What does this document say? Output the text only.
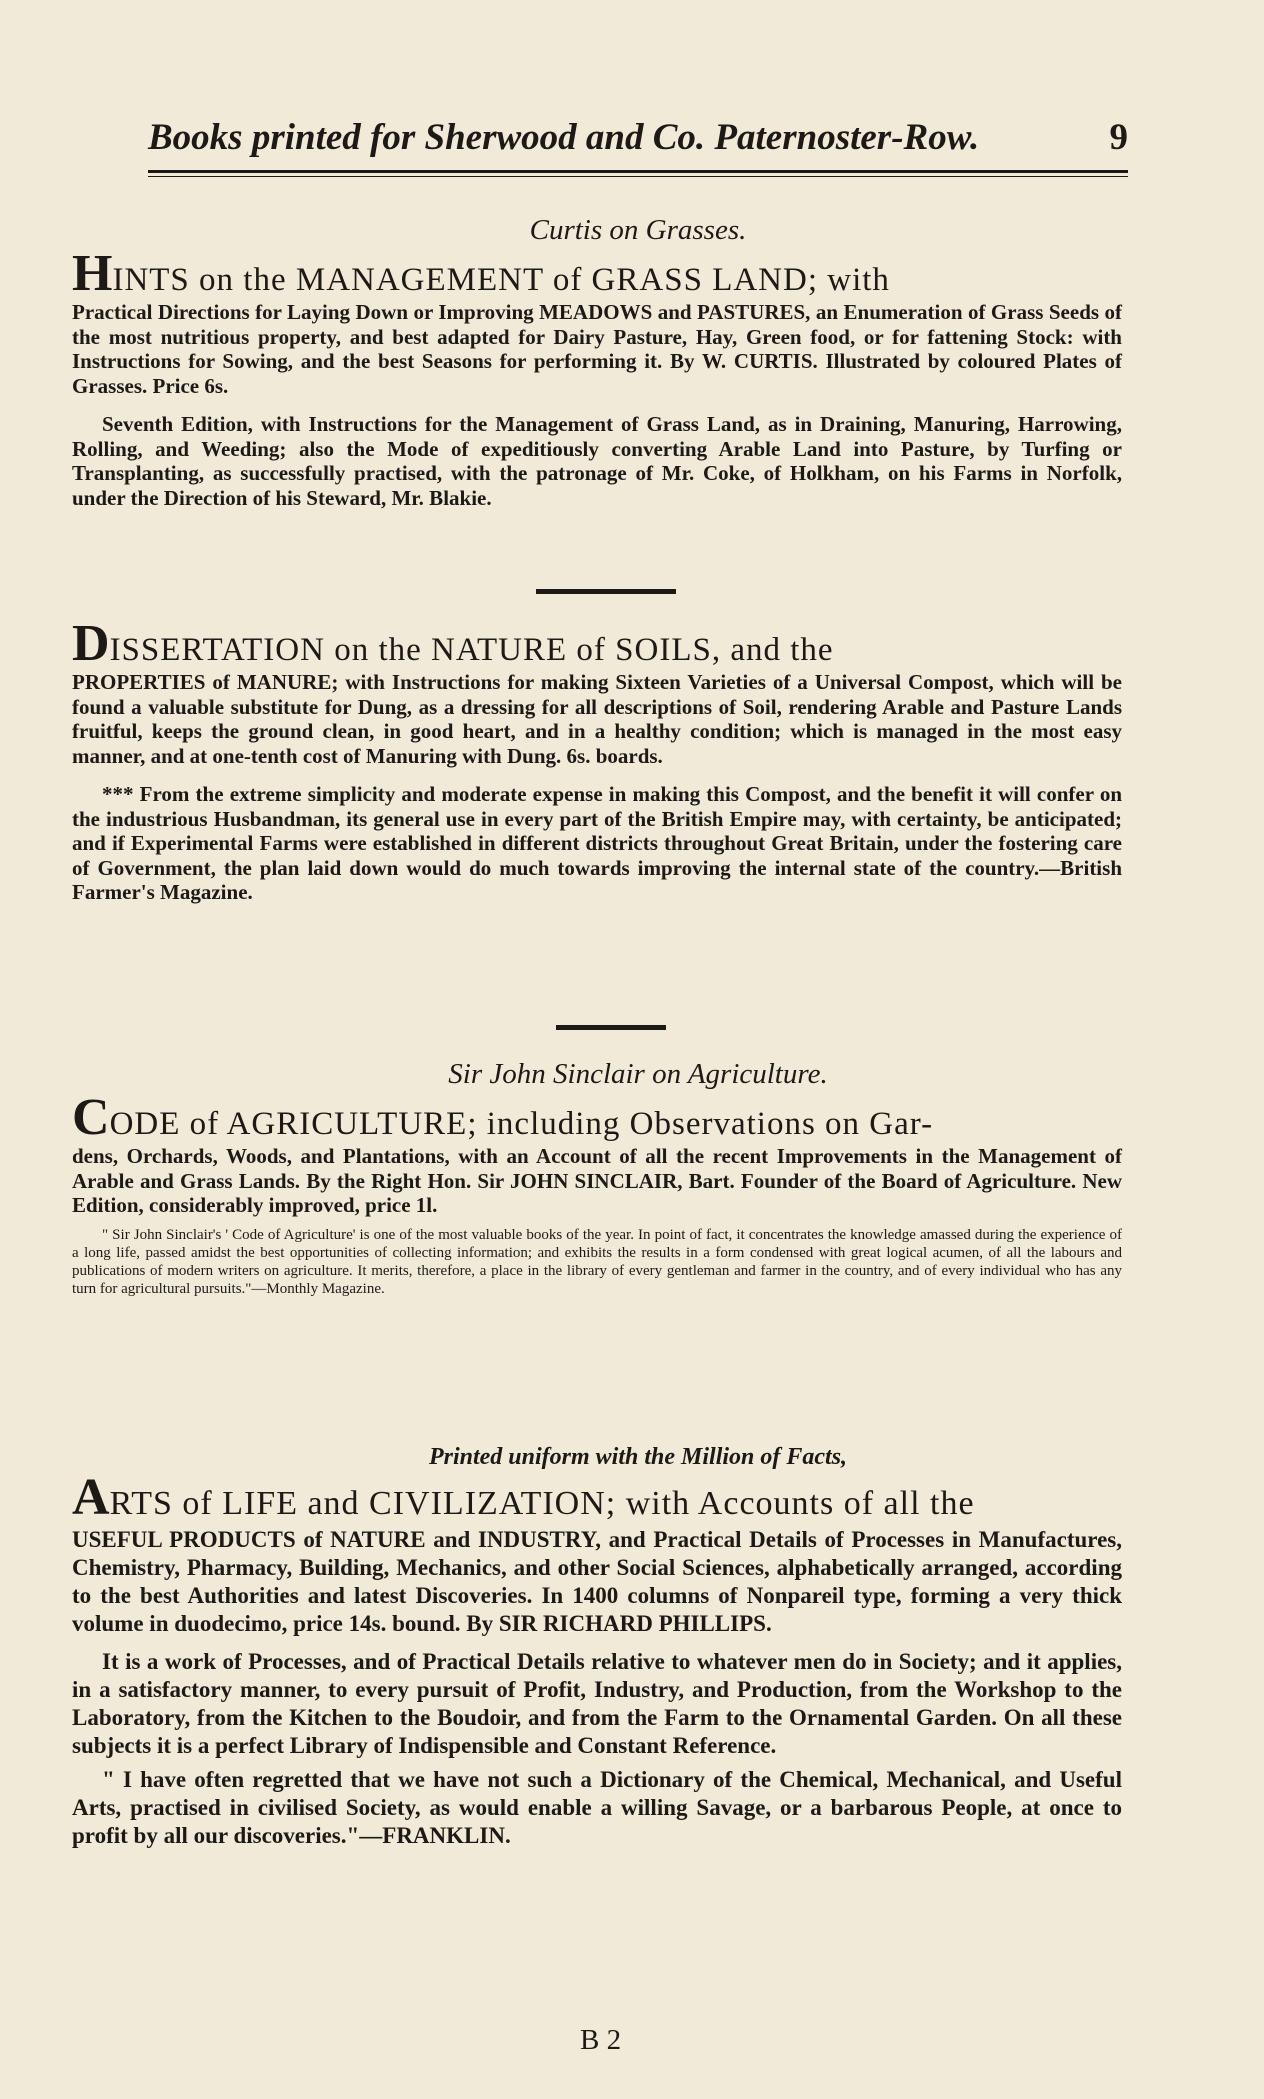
Books printed for Sherwood and Co. Paternoster-Row.	9
Curtis on Grasses.
HINTS on the MANAGEMENT of GRASS LAND; with
Practical Directions for Laying Down or Improving MEADOWS and PASTURES, an Enumeration of Grass Seeds of the most nutritious property, and best adapted for Dairy Pasture, Hay, Green food, or for fattening Stock: with Instructions for Sowing, and the best Seasons for performing it. By W. CURTIS. Illustrated by coloured Plates of Grasses. Price 6s.
Seventh Edition, with Instructions for the Management of Grass Land, as in Draining, Manuring, Harrowing, Rolling, and Weeding; also the Mode of expeditiously converting Arable Land into Pasture, by Turfing or Transplanting, as successfully practised, with the patronage of Mr. Coke, of Holkham, on his Farms in Norfolk, under the Direction of his Steward, Mr. Blakie.
DISSERTATION on the NATURE of SOILS, and the
PROPERTIES of MANURE; with Instructions for making Sixteen Varieties of a Universal Compost, which will be found a valuable substitute for Dung, as a dressing for all descriptions of Soil, rendering Arable and Pasture Lands fruitful, keeps the ground clean, in good heart, and in a healthy condition; which is managed in the most easy manner, and at one-tenth cost of Manuring with Dung. 6s. boards.
*** From the extreme simplicity and moderate expense in making this Compost, and the benefit it will confer on the industrious Husbandman, its general use in every part of the British Empire may, with certainty, be anticipated; and if Experimental Farms were established in different districts throughout Great Britain, under the fostering care of Government, the plan laid down would do much towards improving the internal state of the country.—British Farmer's Magazine.
Sir John Sinclair on Agriculture.
CODE of AGRICULTURE; including Observations on Gar-
dens, Orchards, Woods, and Plantations, with an Account of all the recent Improvements in the Management of Arable and Grass Lands. By the Right Hon. Sir JOHN SINCLAIR, Bart. Founder of the Board of Agriculture. New Edition, considerably improved, price 1l.
" Sir John Sinclair's ' Code of Agriculture' is one of the most valuable books of the year. In point of fact, it concentrates the knowledge amassed during the experience of a long life, passed amidst the best opportunities of collecting information; and exhibits the results in a form condensed with great logical acumen, of all the labours and publications of modern writers on agriculture. It merits, therefore, a place in the library of every gentleman and farmer in the country, and of every individual who has any turn for agricultural pursuits."—Monthly Magazine.
Printed uniform with the Million of Facts,
ARTS of LIFE and CIVILIZATION; with Accounts of all the
USEFUL PRODUCTS of NATURE and INDUSTRY, and Practical Details of Processes in Manufactures, Chemistry, Pharmacy, Building, Mechanics, and other Social Sciences, alphabetically arranged, according to the best Authorities and latest Discoveries. In 1400 columns of Nonpareil type, forming a very thick volume in duodecimo, price 14s. bound. By SIR RICHARD PHILLIPS.
It is a work of Processes, and of Practical Details relative to whatever men do in Society; and it applies, in a satisfactory manner, to every pursuit of Profit, Industry, and Production, from the Workshop to the Laboratory, from the Kitchen to the Boudoir, and from the Farm to the Ornamental Garden. On all these subjects it is a perfect Library of Indispensible and Constant Reference.
" I have often regretted that we have not such a Dictionary of the Chemical, Mechanical, and Useful Arts, practised in civilised Society, as would enable a willing Savage, or a barbarous People, at once to profit by all our discoveries."—FRANKLIN.
B 2
